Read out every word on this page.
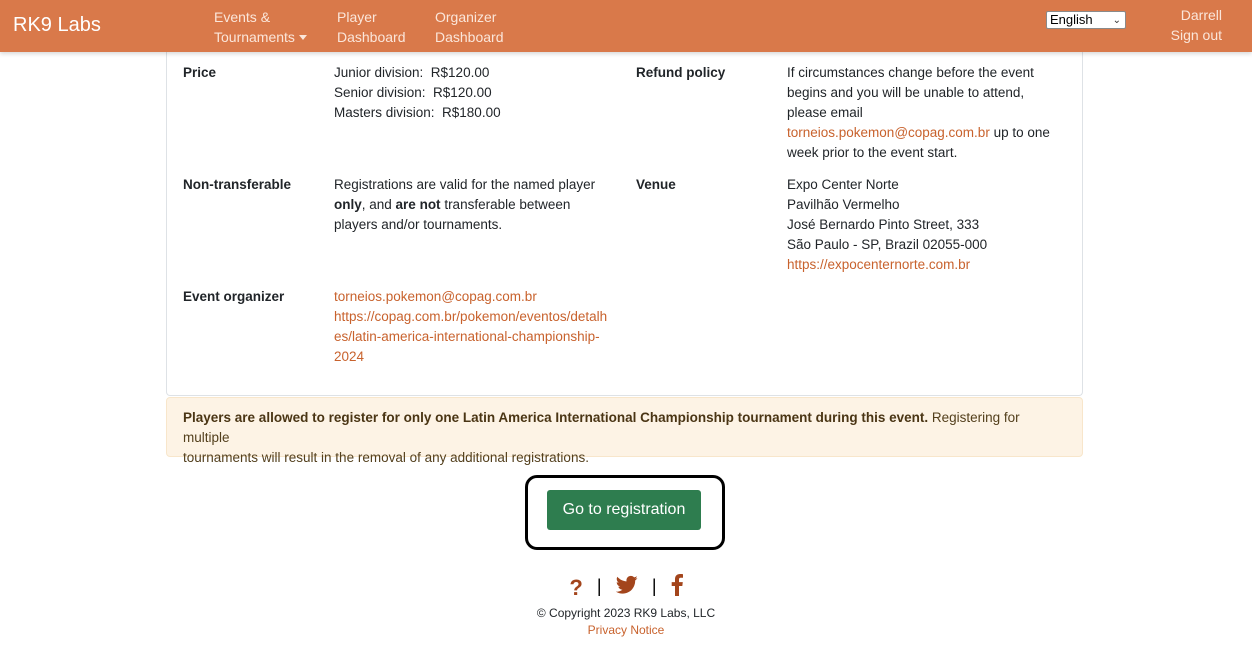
RK9 Labs	Events &
Tournaments
Player
Dashboard
Organizer
Dashboard
English ⌄	Darrell
Sign out
Price	Junior division:  R$120.00
Senior division:  R$120.00
Masters division:  R$180.00
Refund policy	If circumstances change before the event
begins and you will be unable to attend,
please email
torneios.pokemon@copag.com.br up to one
week prior to the event start.
Non-transferable	Registrations are valid for the named player
only, and are not transferable between
players and/or tournaments.
Venue	Expo Center Norte
Pavilhão Vermelho
José Bernardo Pinto Street, 333
São Paulo - SP, Brazil 02055-000
https://expocenternorte.com.br
Event organizer	torneios.pokemon@copag.com.br
https://copag.com.br/pokemon/eventos/detalh
es/latin-america-international-championship-
2024
Players are allowed to register for only one Latin America International Championship tournament during this event. Registering for multiple
tournaments will result in the removal of any additional registrations.
Go to registration
? |	|
© Copyright 2023 RK9 Labs, LLC
Privacy Notice
